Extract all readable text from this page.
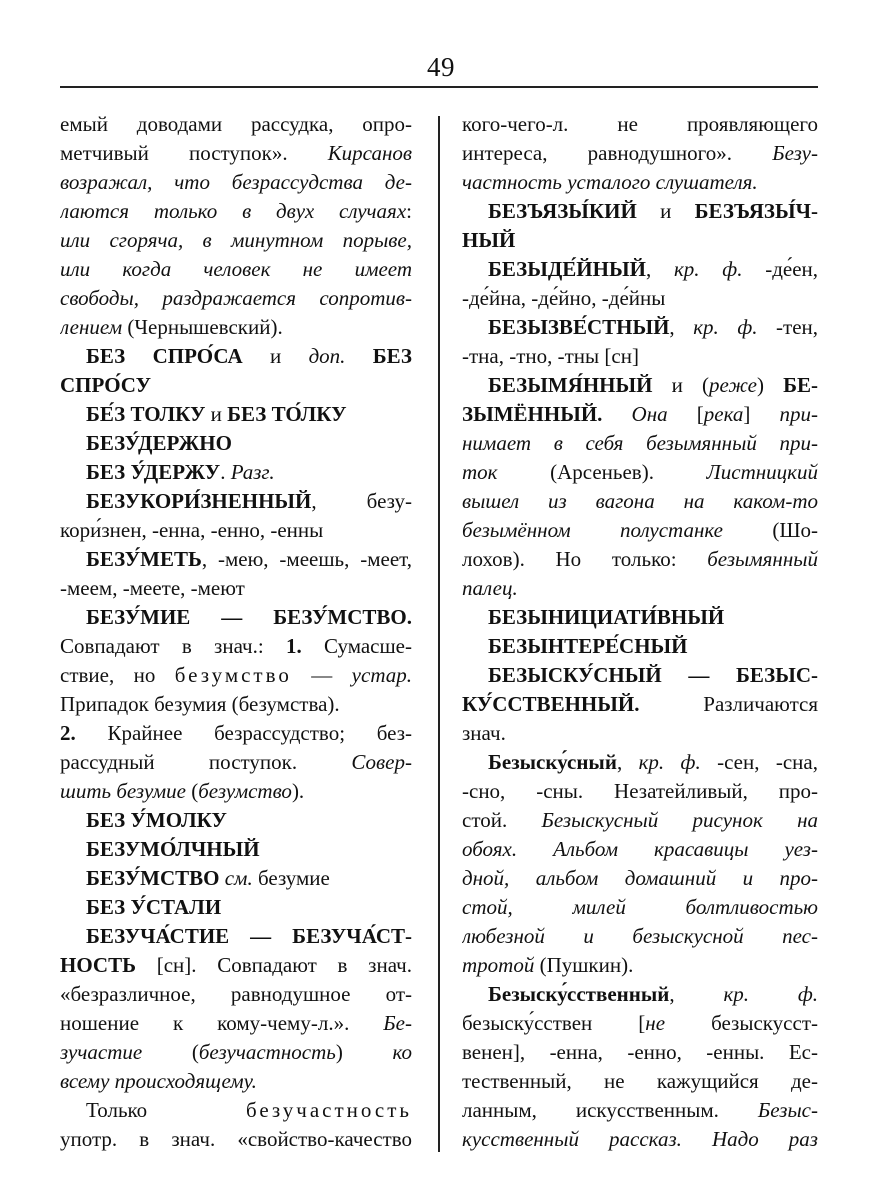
49
емый доводами рассудка, опро-
метчивый поступок». Кирсанов
возражал, что безрассудства де-
лаются только в двух случаях:
или сгоряча, в минутном порыве,
или когда человек не имеет
свободы, раздражается сопротив-
лением (Чернышевский).
БЕЗ СПРО́СА и доп. БЕЗ
СПРО́СУ
БЕ́З ТОЛКУ и БЕЗ ТО́ЛКУ
БЕЗУ́ДЕРЖНО
БЕЗ У́ДЕРЖУ. Разг.
БЕЗУКОРИ́ЗНЕННЫЙ, безу-
кори́знен, -енна, -енно, -енны
БЕЗУ́МЕТЬ, -мею, -меешь, -меет,
-меем, -меете, -меют
БЕЗУ́МИЕ — БЕЗУ́МСТВО.
Совпадают в знач.: 1. Сумасше-
ствие, но безумство — устар.
Припадок безумия (безумства).
2. Крайнее безрассудство; без-
рассудный поступок. Совер-
шить безумие (безумство).
БЕЗ У́МОЛКУ
БЕЗУМО́ЛЧНЫЙ
БЕЗУ́МСТВО см. безумие
БЕЗ У́СТАЛИ
БЕЗУЧА́СТИЕ — БЕЗУЧА́СТ-
НОСТЬ [сн]. Совпадают в знач.
«безразличное, равнодушное от-
ношение к кому-чему-л.». Бе-
зучастие (безучастность) ко
всему происходящему.
Только безучастность
употр. в знач. «свойство-качество
кого-чего-л. не проявляющего
интереса, равнодушного». Безу-
частность усталого слушателя.
БЕЗЪЯЗЫ́КИЙ и БЕЗЪЯЗЫ́Ч-
НЫЙ
БЕЗЫДЕ́ЙНЫЙ, кр. ф. -де́ен,
-де́йна, -де́йно, -де́йны
БЕЗЫЗВЕ́СТНЫЙ, кр. ф. -тен,
-тна, -тно, -тны [сн]
БЕЗЫМЯ́ННЫЙ и (реже) БЕ-
ЗЫМЁННЫЙ. Она [река] при-
нимает в себя безымянный при-
ток (Арсеньев). Листницкий
вышел из вагона на каком-то
безымённом полустанке (Шо-
лохов). Но только: безымянный
палец.
БЕЗЫНИЦИАТИ́ВНЫЙ
БЕЗЫНТЕРЕ́СНЫЙ
БЕЗЫСКУ́СНЫЙ — БЕЗЫС-
КУ́ССТВЕННЫЙ. Различаются
знач.
Безыску́сный, кр. ф. -сен, -сна,
-сно, -сны. Незатейливый, про-
стой. Безыскусный рисунок на
обоях. Альбом красавицы уез-
дной, альбом домашний и про-
стой, милей болтливостью
любезной и безыскусной пес-
тротой (Пушкин).
Безыску́сственный, кр. ф.
безыску́сствен [не безыскусст-
венен], -енна, -енно, -енны. Ес-
тественный, не кажущийся де-
ланным, искусственным. Безыс-
кусственный рассказ. Надо раз
